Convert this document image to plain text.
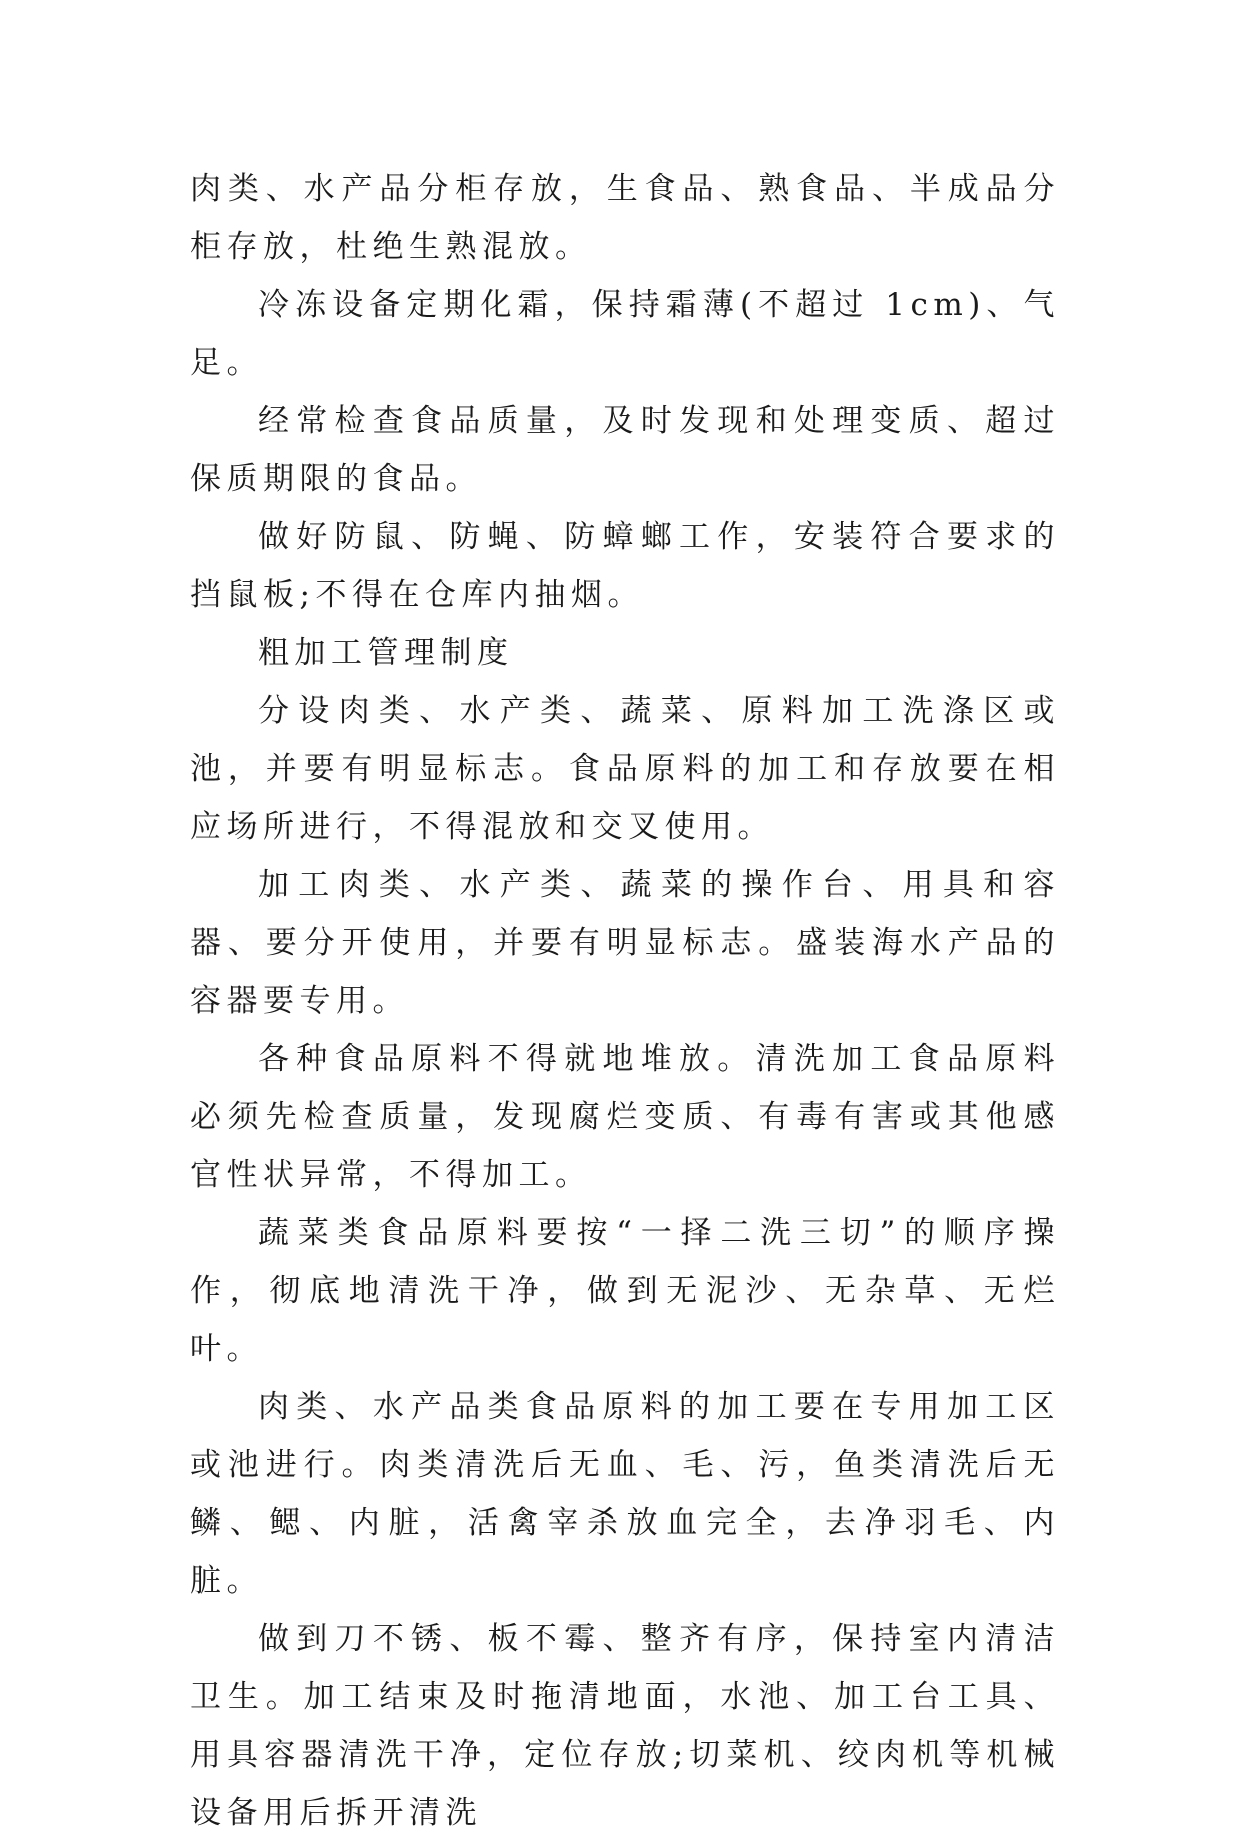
肉类、水产品分柜存放，生食品、熟食品、半成品分柜存放，杜绝生熟混放。

冷冻设备定期化霜，保持霜薄(不超过 1cm)、气足。

经常检查食品质量，及时发现和处理变质、超过保质期限的食品。

做好防鼠、防蝇、防蟑螂工作，安装符合要求的挡鼠板;不得在仓库内抽烟。

粗加工管理制度

分设肉类、水产类、蔬菜、原料加工洗涤区或池，并要有明显标志。食品原料的加工和存放要在相应场所进行，不得混放和交叉使用。

加工肉类、水产类、蔬菜的操作台、用具和容器、要分开使用，并要有明显标志。盛装海水产品的容器要专用。

各种食品原料不得就地堆放。清洗加工食品原料必须先检查质量，发现腐烂变质、有毒有害或其他感官性状异常，不得加工。

蔬菜类食品原料要按“一择二洗三切”的顺序操作，彻底地清洗干净，做到无泥沙、无杂草、无烂叶。

肉类、水产品类食品原料的加工要在专用加工区或池进行。肉类清洗后无血、毛、污，鱼类清洗后无鳞、鳃、内脏，活禽宰杀放血完全，去净羽毛、内脏。

做到刀不锈、板不霉、整齐有序，保持室内清洁卫生。加工结束及时拖清地面，水池、加工台工具、用具容器清洗干净，定位存放;切菜机、绞肉机等机械设备用后拆开清洗
